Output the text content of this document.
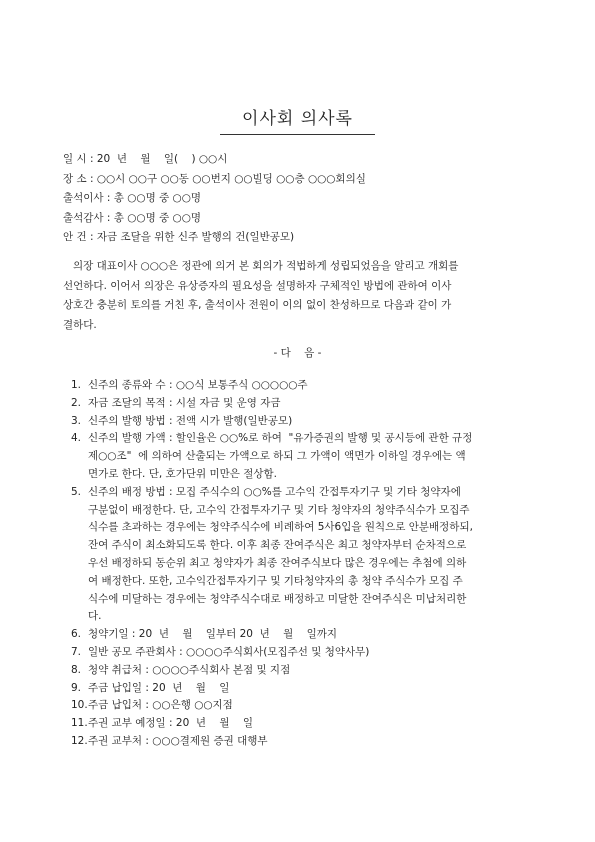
이사회 의사록
일 시 : 20  년    월    일(    ) ○○시
장 소 : ○○시 ○○구 ○○동 ○○번지 ○○빌딩 ○○층 ○○○회의실
출석이사 : 총 ○○명 중 ○○명
출석감사 : 총 ○○명 중 ○○명
안 건 : 자금 조달을 위한 신주 발행의 건(일반공모)
의장 대표이사 ○○○은 정관에 의거 본 회의가 적법하게 성립되었음을 알리고 개회를
선언하다. 이어서 의장은 유상증자의 필요성을 설명하자 구체적인 방법에 관하여 이사
상호간 충분히 토의를 거친 후, 출석이사 전원이 이의 없이 찬성하므로 다음과 같이 가
결하다.
- 다    음 -
1. 신주의 종류와 수 : ○○식 보통주식 ○○○○○주
2. 자금 조달의 목적 : 시설 자금 및 운영 자금
3. 신주의 발행 방법 : 전액 시가 발행(일반공모)
4. 신주의 발행 가액 : 할인율은 ○○%로 하여  "유가증권의 발행 및 공시등에 관한 규정
제○○조"  에 의하여 산출되는 가액으로 하되 그 가액이 액면가 이하일 경우에는 액
면가로 한다. 단, 호가단위 미만은 절상함.
5. 신주의 배정 방법 : 모집 주식수의 ○○%를 고수익 간접투자기구 및 기타 청약자에
구분없이 배정한다. 단, 고수익 간접투자기구 및 기타 청약자의 청약주식수가 모집주
식수를 초과하는 경우에는 청약주식수에 비례하여 5사6입을 원칙으로 안분배정하되,
잔여 주식이 최소화되도록 한다. 이후 최종 잔여주식은 최고 청약자부터 순차적으로
우선 배정하되 동순위 최고 청약자가 최종 잔여주식보다 많은 경우에는 추첨에 의하
여 배정한다. 또한, 고수익간접투자기구 및 기타청약자의 총 청약 주식수가 모집 주
식수에 미달하는 경우에는 청약주식수대로 배정하고 미달한 잔여주식은 미납처리한
다.
6. 청약기일 : 20  년    월    일부터 20  년    월    일까지
7. 일반 공모 주관회사 : ○○○○주식회사(모집주선 및 청약사무)
8. 청약 취급처 : ○○○○주식회사 본점 및 지점
9. 주금 납입일 : 20  년    월    일
10. 주금 납입처 : ○○은행 ○○지점
11. 주권 교부 예정일 : 20  년    월    일
12. 주권 교부처 : ○○○결제원 증권 대행부
